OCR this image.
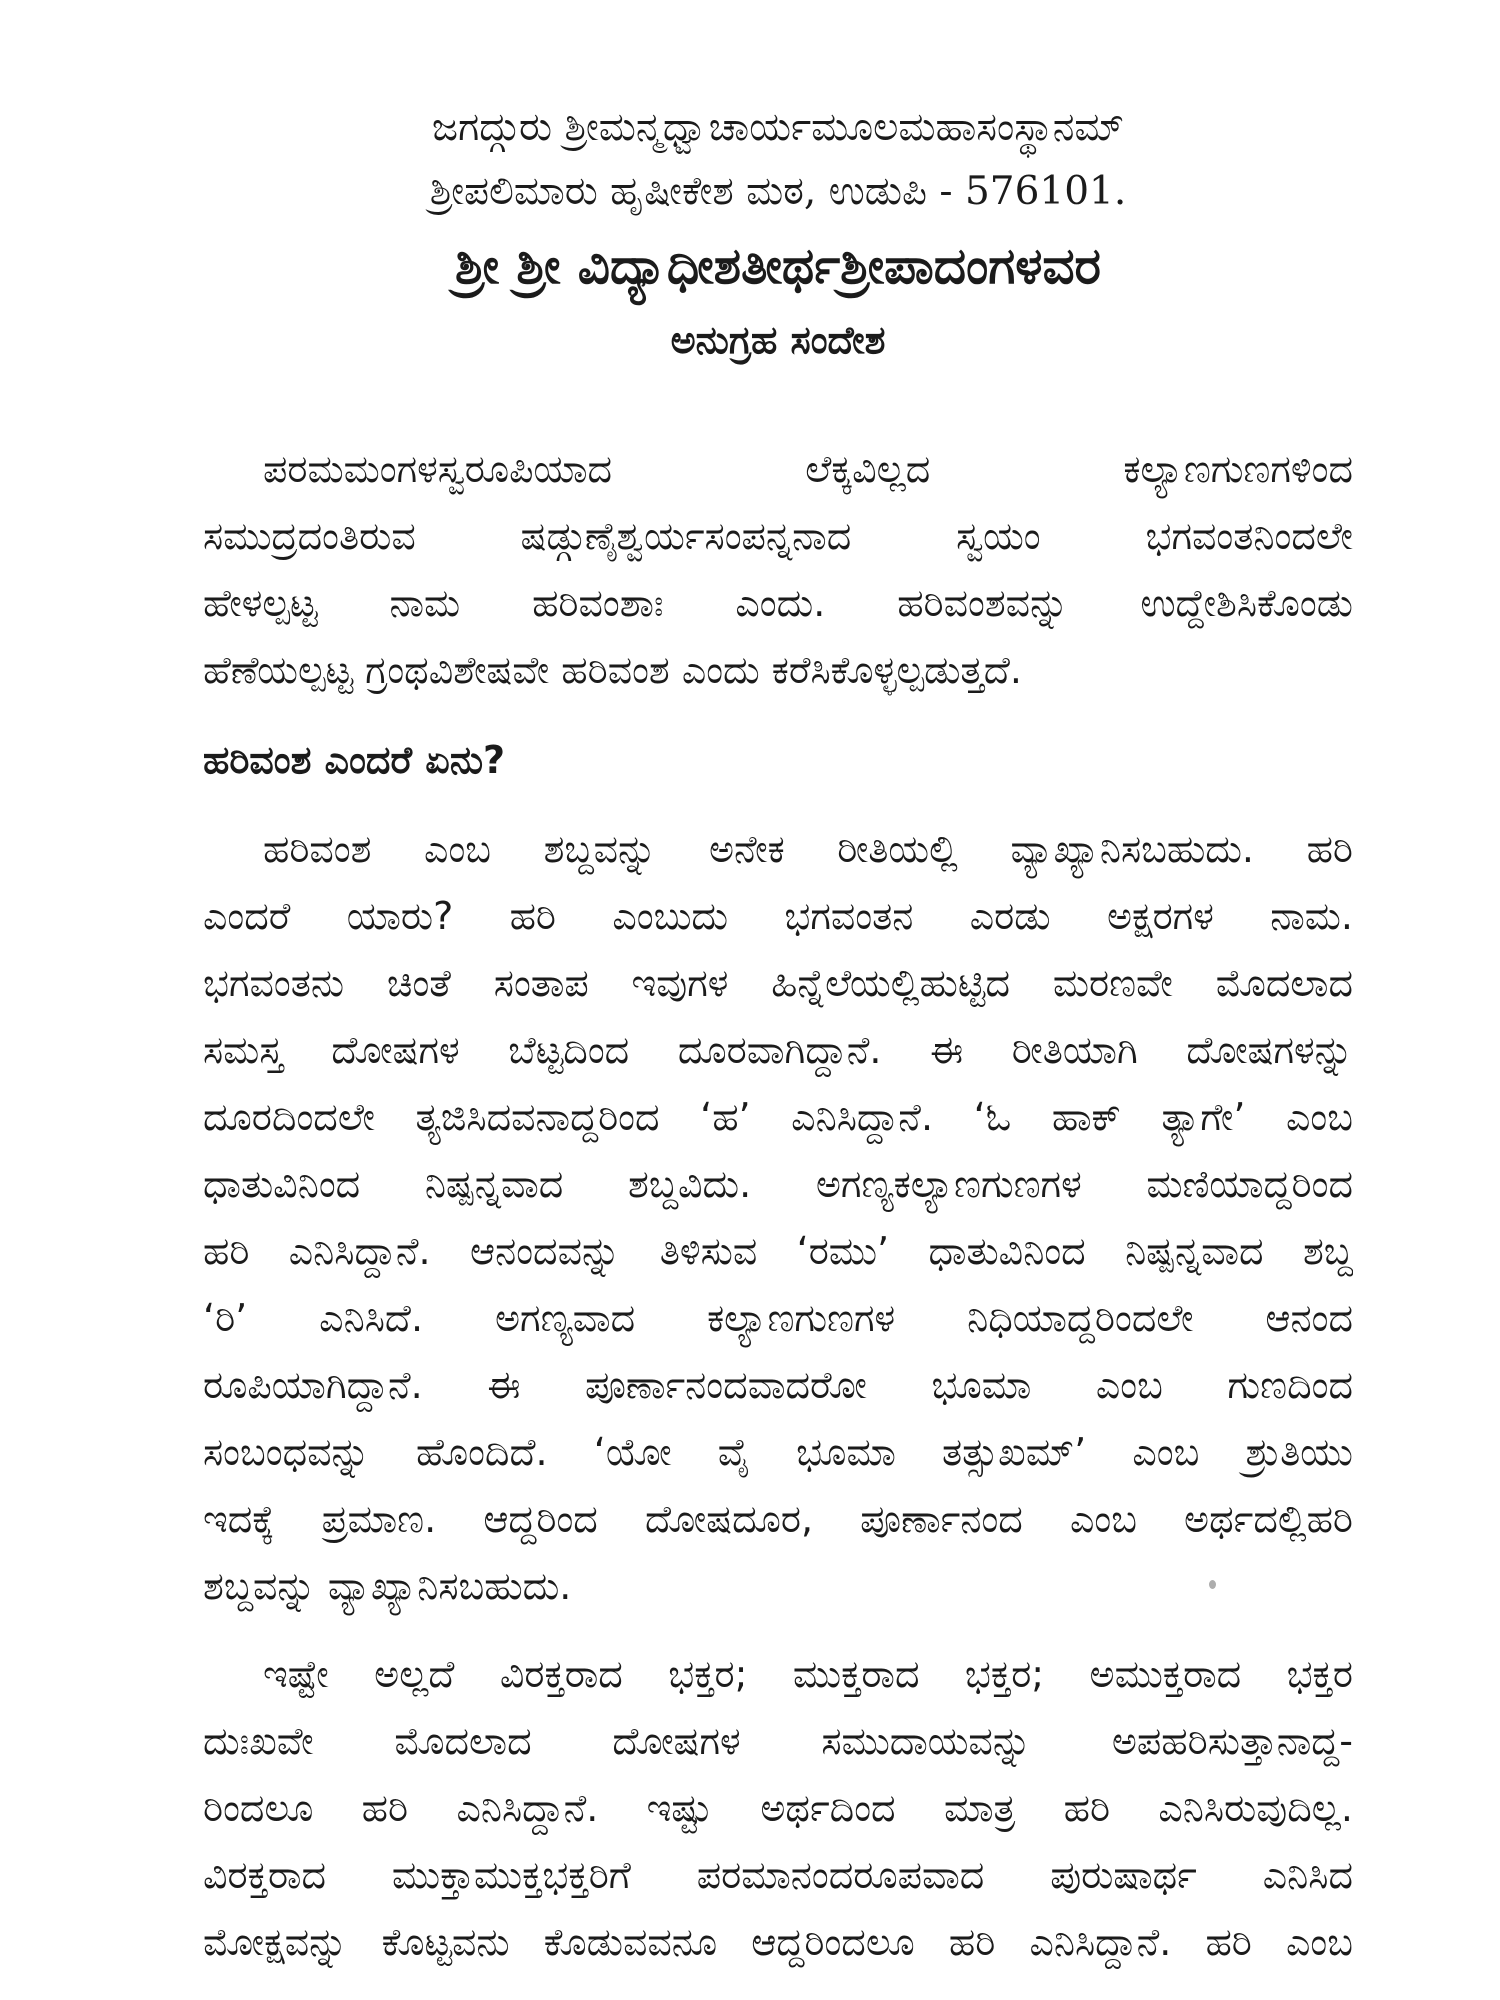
ಜಗದ್ಗುರು ಶ್ರೀಮನ್ಮಧ್ವಾಚಾರ್ಯಮೂಲಮಹಾಸಂಸ್ಥಾನಮ್
ಶ್ರೀಪಲಿಮಾರು ಹೃಷೀಕೇಶ ಮಠ, ಉಡುಪಿ - 576101.
ಶ್ರೀ ಶ್ರೀ ವಿದ್ಯಾಧೀಶತೀರ್ಥಶ್ರೀಪಾದಂಗಳವರ
ಅನುಗ್ರಹ ಸಂದೇಶ
ಪರಮಮಂಗಳಸ್ವರೂಪಿಯಾದ ಲೆಕ್ಕವಿಲ್ಲದ ಕಲ್ಯಾಣಗುಣಗಳಿಂದ
ಸಮುದ್ರದಂತಿರುವ ಷಡ್ಗುಣೈಶ್ವರ್ಯಸಂಪನ್ನನಾದ ಸ್ವಯಂ ಭಗವಂತನಿಂದಲೇ
ಹೇಳಲ್ಪಟ್ಟ ನಾಮ ಹರಿವಂಶಾಃ ಎಂದು. ಹರಿವಂಶವನ್ನು ಉದ್ದೇಶಿಸಿಕೊಂಡು
ಹೆಣೆಯಲ್ಪಟ್ಟ ಗ್ರಂಥವಿಶೇಷವೇ ಹರಿವಂಶ ಎಂದು ಕರೆಸಿಕೊಳ್ಳಲ್ಪಡುತ್ತದೆ.
ಹರಿವಂಶ ಎಂದರೆ ಏನು?
ಹರಿವಂಶ ಎಂಬ ಶಬ್ದವನ್ನು ಅನೇಕ ರೀತಿಯಲ್ಲಿ ವ್ಯಾಖ್ಯಾನಿಸಬಹುದು. ಹರಿ
ಎಂದರೆ ಯಾರು? ಹರಿ ಎಂಬುದು ಭಗವಂತನ ಎರಡು ಅಕ್ಷರಗಳ ನಾಮ.
ಭಗವಂತನು ಚಿಂತೆ ಸಂತಾಪ ಇವುಗಳ ಹಿನ್ನೆಲೆಯಲ್ಲಿಹುಟ್ಟಿದ ಮರಣವೇ ಮೊದಲಾದ
ಸಮಸ್ತ ದೋಷಗಳ ಬೆಟ್ಟದಿಂದ ದೂರವಾಗಿದ್ದಾನೆ. ಈ ರೀತಿಯಾಗಿ ದೋಷಗಳನ್ನು
ದೂರದಿಂದಲೇ ತ್ಯಜಿಸಿದವನಾದ್ದರಿಂದ ‘ಹ’ ಎನಿಸಿದ್ದಾನೆ. ‘ಓ ಹಾಕ್ ತ್ಯಾಗೇ’ ಎಂಬ
ಧಾತುವಿನಿಂದ ನಿಷ್ಪನ್ನವಾದ ಶಬ್ದವಿದು. ಅಗಣ್ಯಕಲ್ಯಾಣಗುಣಗಳ ಮಣಿಯಾದ್ದರಿಂದ
ಹರಿ ಎನಿಸಿದ್ದಾನೆ. ಆನಂದವನ್ನು ತಿಳಿಸುವ ‘ರಮು’ ಧಾತುವಿನಿಂದ ನಿಷ್ಪನ್ನವಾದ ಶಬ್ದ
‘ರಿ’ ಎನಿಸಿದೆ. ಅಗಣ್ಯವಾದ ಕಲ್ಯಾಣಗುಣಗಳ ನಿಧಿಯಾದ್ದರಿಂದಲೇ ಆನಂದ
ರೂಪಿಯಾಗಿದ್ದಾನೆ. ಈ ಪೂರ್ಣಾನಂದವಾದರೋ ಭೂಮಾ ಎಂಬ ಗುಣದಿಂದ
ಸಂಬಂಧವನ್ನು ಹೊಂದಿದೆ. ‘ಯೋ ವೈ ಭೂಮಾ ತತ್ಸುಖಮ್’ ಎಂಬ ಶ್ರುತಿಯು
ಇದಕ್ಕೆ ಪ್ರಮಾಣ. ಆದ್ದರಿಂದ ದೋಷದೂರ, ಪೂರ್ಣಾನಂದ ಎಂಬ ಅರ್ಥದಲ್ಲಿಹರಿ
ಶಬ್ದವನ್ನು ವ್ಯಾಖ್ಯಾನಿಸಬಹುದು.
ಇಷ್ಟೇ ಅಲ್ಲದೆ ವಿರಕ್ತರಾದ ಭಕ್ತರ; ಮುಕ್ತರಾದ ಭಕ್ತರ; ಅಮುಕ್ತರಾದ ಭಕ್ತರ
ದುಃಖವೇ ಮೊದಲಾದ ದೋಷಗಳ ಸಮುದಾಯವನ್ನು ಅಪಹರಿಸುತ್ತಾನಾದ್ದ-
ರಿಂದಲೂ ಹರಿ ಎನಿಸಿದ್ದಾನೆ. ಇಷ್ಟು ಅರ್ಥದಿಂದ ಮಾತ್ರ ಹರಿ ಎನಿಸಿರುವುದಿಲ್ಲ.
ವಿರಕ್ತರಾದ ಮುಕ್ತಾಮುಕ್ತಭಕ್ತರಿಗೆ ಪರಮಾನಂದರೂಪವಾದ ಪುರುಷಾರ್ಥ ಎನಿಸಿದ
ಮೋಕ್ಷವನ್ನು ಕೊಟ್ಟವನು ಕೊಡುವವನೂ ಆದ್ದರಿಂದಲೂ ಹರಿ ಎನಿಸಿದ್ದಾನೆ. ಹರಿ ಎಂಬ
